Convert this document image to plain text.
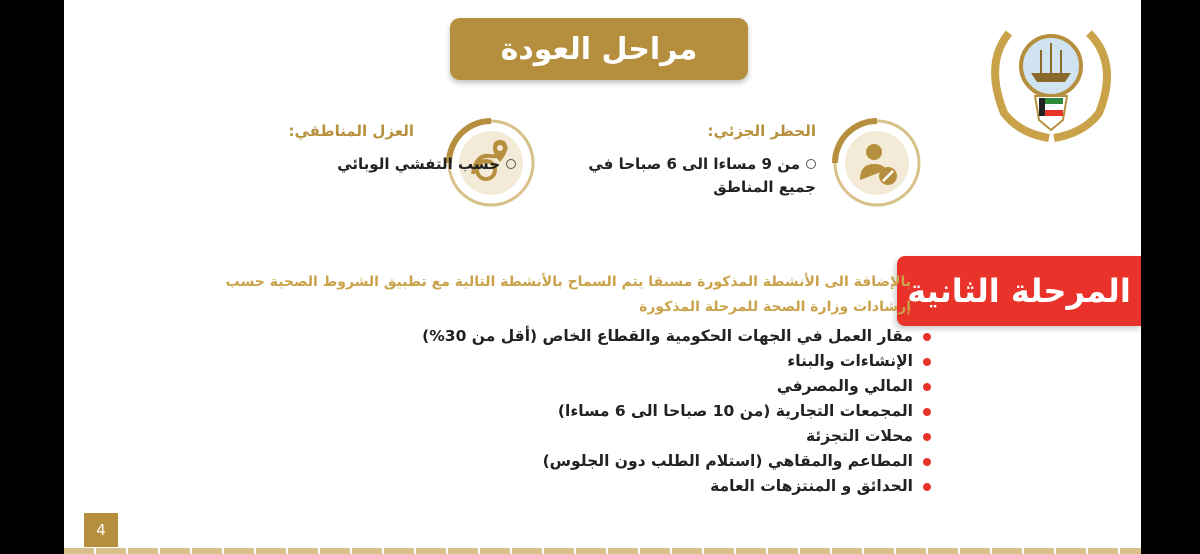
مراحل العودة
الحظر الجزئي:
من 9 مساءا الى 6 صباحا في
جميع المناطق
العزل المناطقي:
حسب التفشي الوبائي
المرحلة الثانية
بالإضافة الى الأنشطة المذكورة مسبقا يتم السماح بالأنشطة التالية مع تطبيق الشروط الصحية حسب
إرشادات وزارة الصحة للمرحلة المذكورة
مقار العمل في الجهات الحكومية والقطاع الخاص (أقل من 30%)
الإنشاءات والبناء
المالي والمصرفي
المجمعات التجارية (من 10 صباحا الى 6 مساءا)
محلات التجزئة
المطاعم والمقاهي (استلام الطلب دون الجلوس)
الحدائق و المنتزهات العامة
4
